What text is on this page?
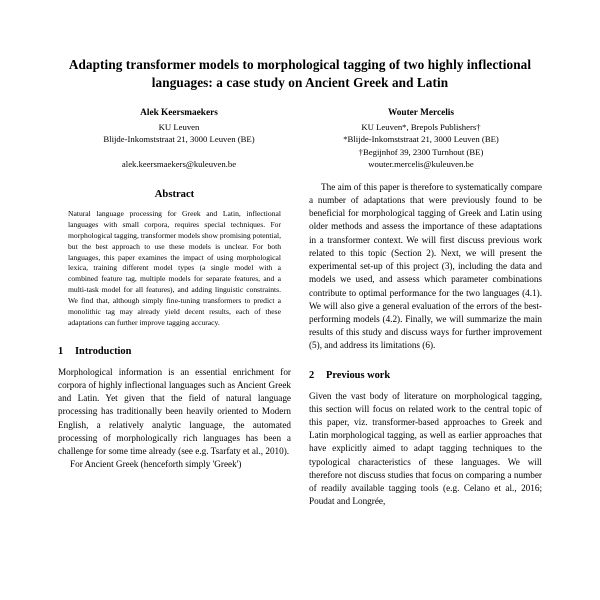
Adapting transformer models to morphological tagging of two highly inflectional languages: a case study on Ancient Greek and Latin
Alek Keersmaekers
KU Leuven
Blijde-Inkomststraat 21, 3000 Leuven (BE)
alek.keersmaekers@kuleuven.be
Wouter Mercelis
KU Leuven*, Brepols Publishers†
*Blijde-Inkomststraat 21, 3000 Leuven (BE)
†Begijnhof 39, 2300 Turnhout (BE)
wouter.mercelis@kuleuven.be
Abstract

Natural language processing for Greek and Latin, inflectional languages with small corpora, requires special techniques. For morphological tagging, transformer models show promising potential, but the best approach to use these models is unclear. For both languages, this paper examines the impact of using morphological lexica, training different model types (a single model with a combined feature tag, multiple models for separate features, and a multi-task model for all features), and adding linguistic constraints. We find that, although simply fine-tuning transformers to predict a monolithic tag may already yield decent results, each of these adaptations can further improve tagging accuracy.

1	Introduction

Morphological information is an essential enrichment for corpora of highly inflectional languages such as Ancient Greek and Latin. Yet given that the field of natural language processing has traditionally been heavily oriented to Modern English, a relatively analytic language, the automated processing of morphologically rich languages has been a challenge for some time already (see e.g. Tsarfaty et al., 2010).

For Ancient Greek (henceforth simply 'Greek')

The aim of this paper is therefore to systematically compare a number of adaptations that were previously found to be beneficial for morphological tagging of Greek and Latin using older methods and assess the importance of these adaptations in a transformer context. We will first discuss previous work related to this topic (Section 2). Next, we will present the experimental set-up of this project (3), including the data and models we used, and assess which parameter combinations contribute to optimal performance for the two languages (4.1). We will also give a general evaluation of the errors of the best-performing models (4.2). Finally, we will summarize the main results of this study and discuss ways for further improvement (5), and address its limitations (6).

2	Previous work

Given the vast body of literature on morphological tagging, this section will focus on related work to the central topic of this paper, viz. transformer-based approaches to Greek and Latin morphological tagging, as well as earlier approaches that have explicitly aimed to adapt tagging techniques to the typological characteristics of these languages. We will therefore not discuss studies that focus on comparing a number of readily available tagging tools (e.g. Celano et al., 2016; Poudat and Longrée,
